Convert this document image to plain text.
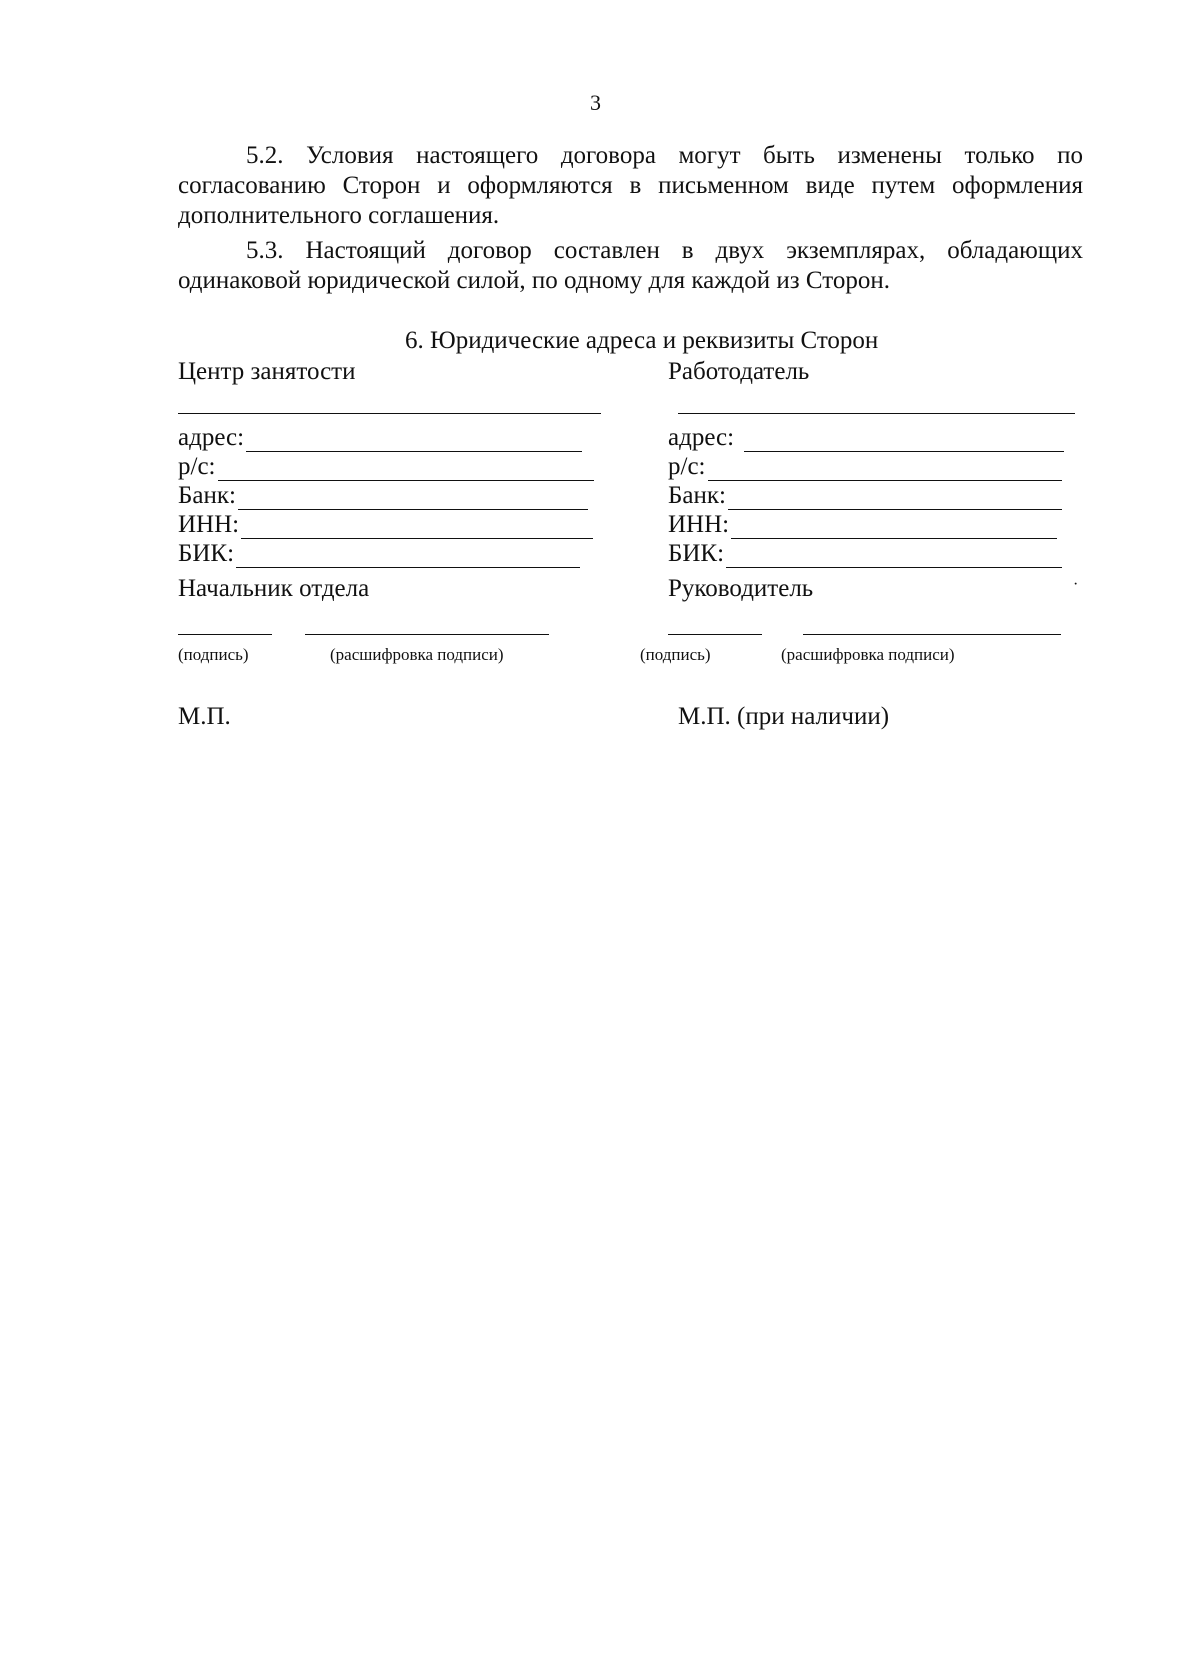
3
5.2. Условия настоящего договора могут быть изменены только по согласованию Сторон и оформляются в письменном виде путем оформления дополнительного соглашения.
5.3. Настоящий договор составлен в двух экземплярах, обладающих одинаковой юридической силой, по одному для каждой из Сторон.
6. Юридические адреса и реквизиты Сторон
Центр занятости
адрес:
р/с:
Банк:
ИНН:
БИК:
Начальник отдела
(подпись)	(расшифровка подписи)
М.П.
Работодатель
адрес:
р/с:
Банк:
ИНН:
БИК:
·
Руководитель
(подпись)	(расшифровка подписи)
М.П. (при наличии)
